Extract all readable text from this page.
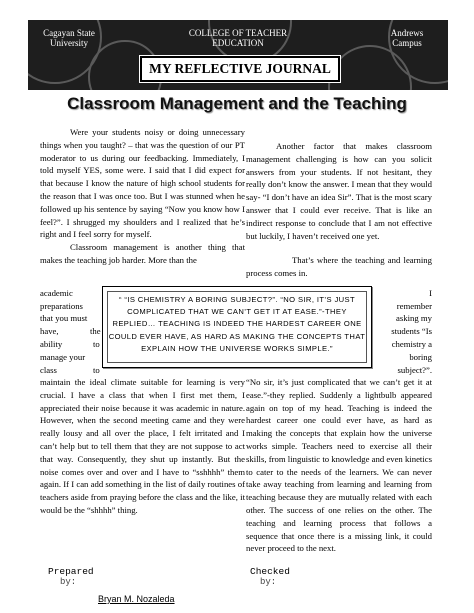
Cagayan State
University
COLLEGE OF TEACHER
EDUCATION
Andrews
Campus
MY REFLECTIVE JOURNAL
Classroom Management and the Teaching

Were your students noisy or doing unnecessary things when you taught? – that was the question of our PT moderator to us during our feedbacking. Immediately, I told myself YES, some were. I said that I did expect for that because I know the nature of high school students for the reason that I was once too. But I was stunned when he followed up his sentence by saying “Now you know how I feel?”. I shrugged my shoulders and I realized that he’s right and I feel sorry for myself.

Classroom management is another thing that makes the teaching job harder. More than the

Another factor that makes classroom management challenging is how can you solicit answers from your students. If not hesitant, they really don’t know the answer. I mean that they would say- “I don’t have an idea Sir”. That is the most scary answer that I could ever receive. That is like an indirect response to conclude that I am not effective but luckily, I haven’t received one yet.

That’s where the teaching and learning process comes in.

academic
preparations
that you must
have,	the
ability	to
manage your
class	to
I
remember
asking my
students “Is
chemistry a
boring
subject?”.
“ “IS CHEMISTRY A BORING SUBJECT?”. “NO SIR, IT’S JUST COMPLICATED THAT WE CAN’T GET IT AT EASE.”-THEY REPLIED… TEACHING IS INDEED THE HARDEST CAREER ONE COULD EVER HAVE, AS HARD AS MAKING THE CONCEPTS THAT EXPLAIN HOW THE UNIVERSE WORKS SIMPLE.”

maintain the ideal climate suitable for learning is very crucial. I have a class that when I first met them, I appreciated their noise because it was academic in nature. However, when the second meeting came and they were really lousy and all over the place, I felt irritated and I can’t help but to tell them that they are not suppose to act that way. Consequently, they shut up instantly. But the noise comes over and over and I have to “sshhhh” them again. If I can add something in the list of daily routines of teachers aside from praying before the class and the like, it would be the “shhhh” thing.

“No sir, it’s just complicated that we can’t get it at ease.”-they replied. Suddenly a lightbulb appeared again on top of my head. Teaching is indeed the hardest career one could ever have, as hard as making the concepts that explain how the universe works simple. Teachers need to exercise all their skills, from linguistic to knowledge and even kinetics to cater to the needs of the learners. We can never take away teaching from learning and learning from teaching because they are mutually related with each other. The success of one relies on the other. The teaching and learning process that follows a sequence that once there is a missing link, it could never proceed to the next.

Prepared
by:
Bryan M. Nozaleda
Checked
by:
